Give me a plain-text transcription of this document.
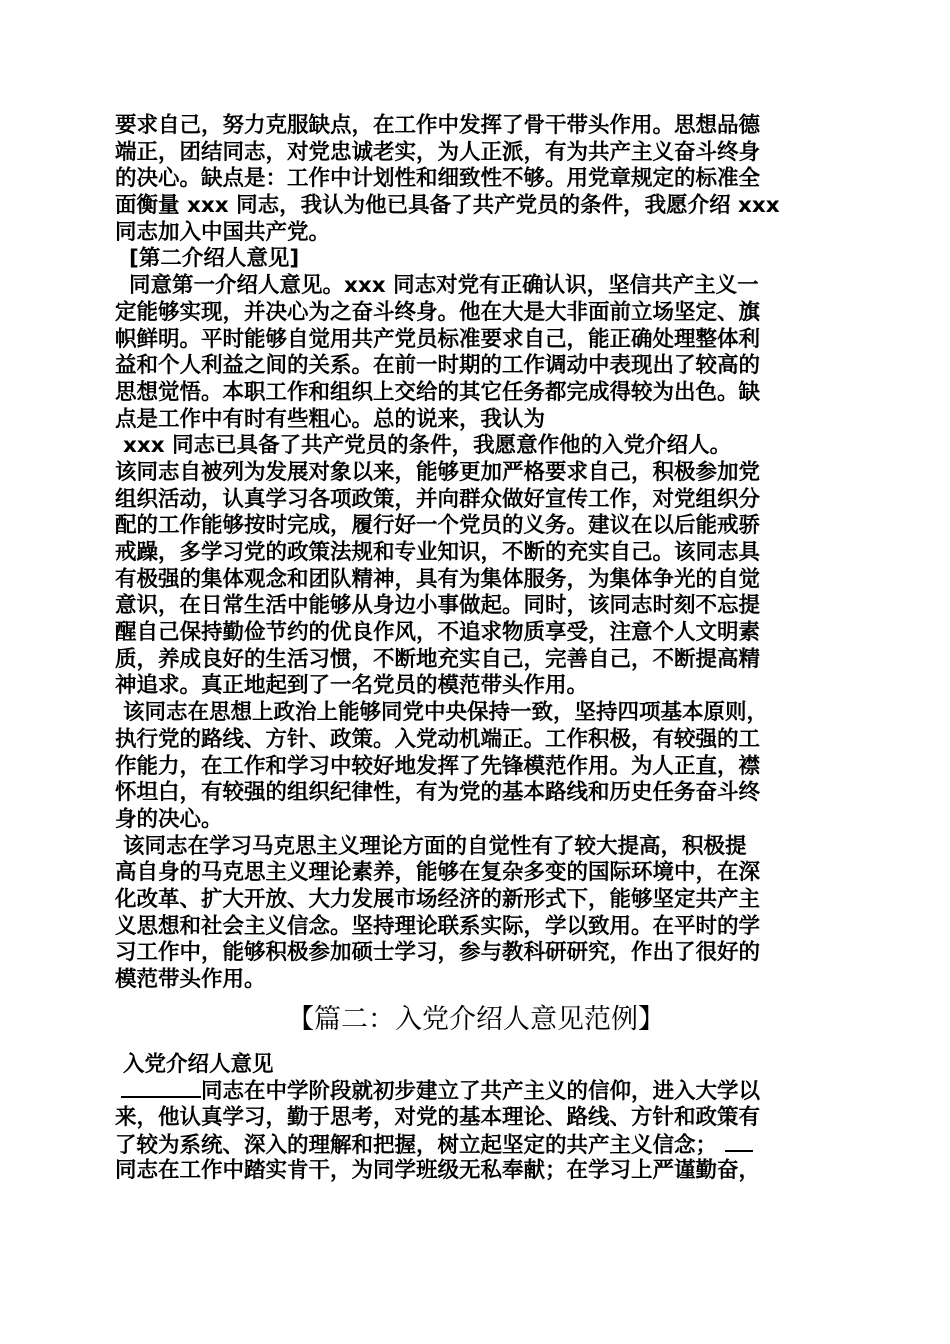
要求自己，努力克服缺点，在工作中发挥了骨干带头作用。思想品德
端正，团结同志，对党忠诚老实，为人正派，有为共产主义奋斗终身
的决心。缺点是：工作中计划性和细致性不够。用党章规定的标准全
面衡量 xxx 同志，我认为他已具备了共产党员的条件，我愿介绍 xxx
同志加入中国共产党。
[第二介绍人意见]
同意第一介绍人意见。xxx 同志对党有正确认识，坚信共产主义一
定能够实现，并决心为之奋斗终身。他在大是大非面前立场坚定、旗
帜鲜明。平时能够自觉用共产党员标准要求自己，能正确处理整体利
益和个人利益之间的关系。在前一时期的工作调动中表现出了较高的
思想觉悟。本职工作和组织上交给的其它任务都完成得较为出色。缺
点是工作中有时有些粗心。总的说来，我认为
xxx 同志已具备了共产党员的条件，我愿意作他的入党介绍人。
该同志自被列为发展对象以来，能够更加严格要求自己，积极参加党
组织活动，认真学习各项政策，并向群众做好宣传工作，对党组织分
配的工作能够按时完成，履行好一个党员的义务。建议在以后能戒骄
戒躁，多学习党的政策法规和专业知识，不断的充实自己。该同志具
有极强的集体观念和团队精神，具有为集体服务，为集体争光的自觉
意识，在日常生活中能够从身边小事做起。同时，该同志时刻不忘提
醒自己保持勤俭节约的优良作风，不追求物质享受，注意个人文明素
质，养成良好的生活习惯，不断地充实自己，完善自己，不断提高精
神追求。真正地起到了一名党员的模范带头作用。
该同志在思想上政治上能够同党中央保持一致，坚持四项基本原则，
执行党的路线、方针、政策。入党动机端正。工作积极，有较强的工
作能力，在工作和学习中较好地发挥了先锋模范作用。为人正直，襟
怀坦白，有较强的组织纪律性，有为党的基本路线和历史任务奋斗终
身的决心。
该同志在学习马克思主义理论方面的自觉性有了较大提高，积极提
高自身的马克思主义理论素养，能够在复杂多变的国际环境中，在深
化改革、扩大开放、大力发展市场经济的新形式下，能够坚定共产主
义思想和社会主义信念。坚持理论联系实际，学以致用。在平时的学
习工作中，能够积极参加硕士学习，参与教科研研究，作出了很好的
模范带头作用。
【篇二：入党介绍人意见范例】
入党介绍人意见
同志在中学阶段就初步建立了共产主义的信仰，进入大学以
来，他认真学习，勤于思考，对党的基本理论、路线、方针和政策有
了较为系统、深入的理解和把握，树立起坚定的共产主义信念；
同志在工作中踏实肯干，为同学班级无私奉献；在学习上严谨勤奋，
